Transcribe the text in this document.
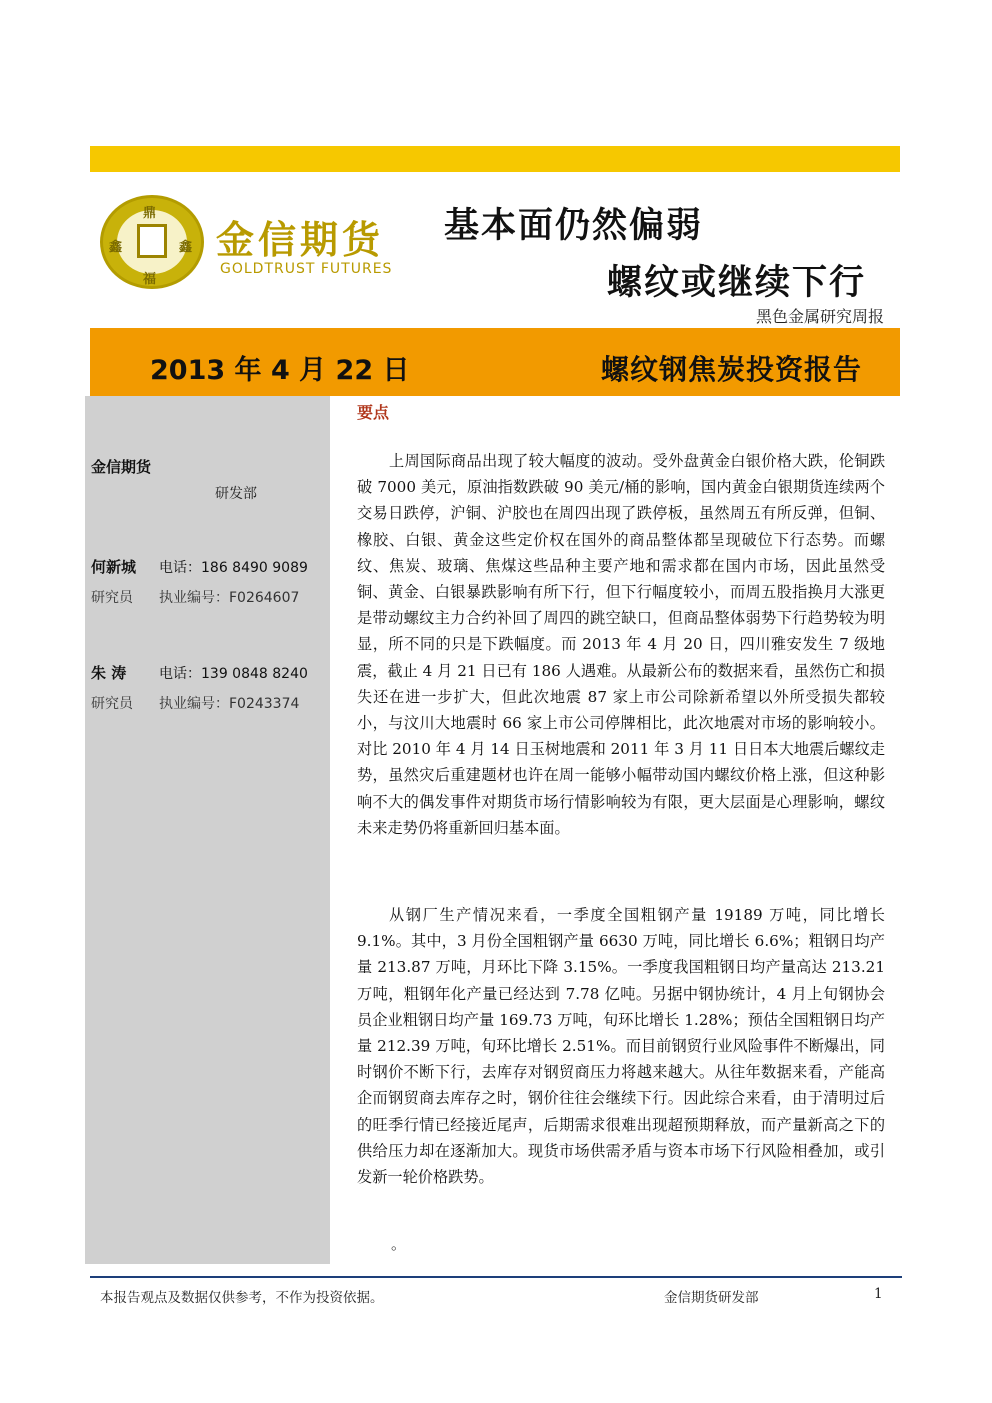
鼎
鑫	鑫
福
金信期货
GOLDTRUST FUTURES
基本面仍然偏弱
螺纹或继续下行
黑色金属研究周报
2013 年 4 月 22 日	螺纹钢焦炭投资报告
金信期货
研发部
何新城 电话：186 8490 9089
研究员 执业编号：F0264607
朱 涛 电话：139 0848 8240
研究员 执业编号：F0243374
要点

上周国际商品出现了较大幅度的波动。受外盘黄金白银价格大跌，伦铜跌破 7000 美元，原油指数跌破 90 美元/桶的影响，国内黄金白银期货连续两个交易日跌停，沪铜、沪胶也在周四出现了跌停板，虽然周五有所反弹，但铜、橡胶、白银、黄金这些定价权在国外的商品整体都呈现破位下行态势。而螺纹、焦炭、玻璃、焦煤这些品种主要产地和需求都在国内市场，因此虽然受铜、黄金、白银暴跌影响有所下行，但下行幅度较小，而周五股指换月大涨更是带动螺纹主力合约补回了周四的跳空缺口，但商品整体弱势下行趋势较为明显，所不同的只是下跌幅度。而 2013 年 4 月 20 日，四川雅安发生 7 级地震，截止 4 月 21 日已有 186 人遇难。从最新公布的数据来看，虽然伤亡和损失还在进一步扩大，但此次地震 87 家上市公司除新希望以外所受损失都较小，与汶川大地震时 66 家上市公司停牌相比，此次地震对市场的影响较小。对比 2010 年 4 月 14 日玉树地震和 2011 年 3 月 11 日日本大地震后螺纹走势，虽然灾后重建题材也许在周一能够小幅带动国内螺纹价格上涨，但这种影响不大的偶发事件对期货市场行情影响较为有限，更大层面是心理影响，螺纹未来走势仍将重新回归基本面。

从钢厂生产情况来看，一季度全国粗钢产量 19189 万吨，同比增长 9.1%。其中，3 月份全国粗钢产量 6630 万吨，同比增长 6.6%；粗钢日均产量 213.87 万吨，月环比下降 3.15%。一季度我国粗钢日均产量高达 213.21 万吨，粗钢年化产量已经达到 7.78 亿吨。另据中钢协统计，4 月上旬钢协会员企业粗钢日均产量 169.73 万吨，旬环比增长 1.28%；预估全国粗钢日均产量 212.39 万吨，旬环比增长 2.51%。而目前钢贸行业风险事件不断爆出，同时钢价不断下行，去库存对钢贸商压力将越来越大。从往年数据来看，产能高企而钢贸商去库存之时，钢价往往会继续下行。因此综合来看，由于清明过后的旺季行情已经接近尾声，后期需求很难出现超预期释放，而产量新高之下的供给压力却在逐渐加大。现货市场供需矛盾与资本市场下行风险相叠加，或引发新一轮价格跌势。

。
本报告观点及数据仅供参考，不作为投资依据。	金信期货研发部	1
